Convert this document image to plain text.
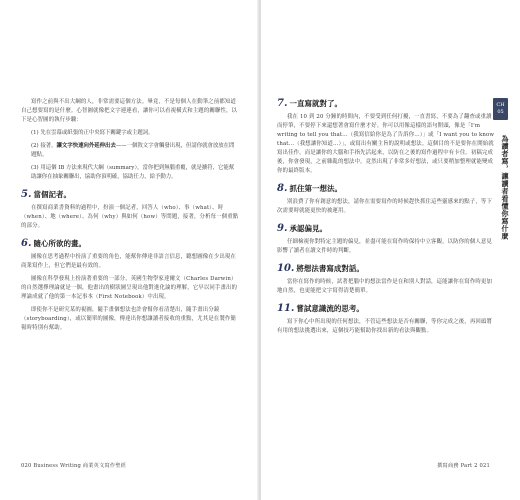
寫作之前與不出大綱的人，非常需要這個方法。畢竟，不是每個人在動筆之前都知道自己想要寫的是什麼。心智圖就像把文字連連看，讓你可以看視橫式和主題的關聯性，以下是心智圖的執行步驟：

(1) 先在雲幕或紙張的正中央寫下關鍵字或主題詞。
(2) 接著，讓文字快速向外延伸出去——一個敘文字會觸發出現，但請你就會放放在問題點。
(3) 用這個 IB 方法來現代大綱（summary），當你把到無腦重覆，就是擴符，它能幫助讓你在抽象關聯出，協助你頂明確，協助任力，給予動力。
5. 當個記者。

在撰寫商業書資料的過程中，扮演一個記者，回答人（who）、事（what）、時（when）、地（where）、為何（why）與如何（how）等問題，接著，分析每一個重點的部分。

6. 隨心所欲的畫。

圖像在思考過程中扮演了重要的角色，能幫你傳達非語言信息，聽想圖像在少出現在商業寫作上，但它們是最有效的。

圖像在科學發現上扮演著重要的一部分，英國生物學家達爾文（Charles Darwin）的自然選擇理論就是一個，他畫出的樹狀圖呈現出他對進化論的理解，它早以同手畫出的理論成就了他的第一本記事本（First Notebook）中出現。

即使你不是研究某的視圖，隨手畫個想法也許會幫你看清楚出，隨手畫出分鏡（storyboarding），或以簡單的圖像，傳達出你想讓讀者接收的重點，尤其是在製作簡報時特別有幫助。

020 Business Writing 商業英文寫作聖經
7. 一直寫就對了。

我在 10 到 20 分鐘的時間內，不要受到任何打擾，一直書寫，不要為了翻查或重讀而停筆，不要停下來還想著會寫什麼才好。你可以用像這樣的語句開頭，像是「I'm writing to tell you that...（我寫信給你是為了告訴你…）」或「I want you to know that...（我想讓你知道…）」，或寫出有關主旨的說明或想法。這個目的不是要你在開始就寫出佳作，而是讓你的大腦和手指先活起來，以防在之後的寫作過程中有卡住。初稿完成後，你會發現，之前雜亂的想法中，竟然出現了非常多好想法，或只要稍加整理就能變成你的最終版本。

8. 抓住第一想法。

別浪費了你有創意的想法，請你在需要寫作的時候趕快抓住這些靈感來的點子，等下次需要時就能更快的被運用。

9. 承認偏見。

仔細檢視你對特定主題的偏見，並盡可能在寫作時保持中立客觀，以防你的個人意見影響了讀者在讀文件時的判斷。

10. 將想法書寫成對話。

當你在寫作的時候，試著把腦中的想法當作是在和別人對話，這能讓你在寫作時更加地自然，也更能把文字寫得清楚簡單。

11. 嘗試意識流的思考。

寫下你心中所出現的任何想法，不管這些想法是否有關聯，等你完成之後，再回頭將有用的想法挑選出來，這個技巧能幫助你找出新的看法與觀點。

撰寫商務 Part 2 021
CH 05
為讀者寫，讓讀者看懂你寫什麼
